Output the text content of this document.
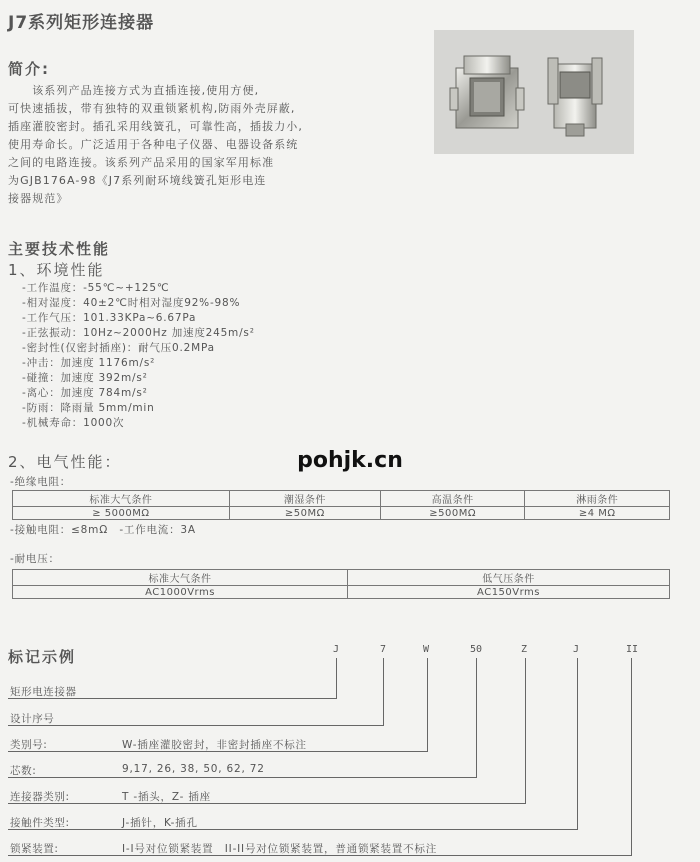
J7系列矩形连接器
简介:

　　该系列产品连接方式为直插连接,使用方便,

可快速插拔，带有独特的双重锁紧机构,防雨外壳屏蔽,

插座灌胶密封。插孔采用线簧孔，可靠性高，插拔力小,

使用寿命长。广泛适用于各种电子仪器、电器设备系统

之间的电路连接。该系列产品采用的国家军用标准

为GJB176A-98《J7系列耐环境线簧孔矩形电连

接器规范》

主要技术性能
1、环境性能
-工作温度：-55℃~+125℃
-相对湿度：40±2℃时相对湿度92%-98%
-工作气压：101.33KPa~6.67Pa
-正弦振动：10Hz~2000Hz 加速度245m/s²
-密封性(仅密封插座)：耐气压0.2MPa
-冲击：加速度 1176m/s²
-碰撞：加速度 392m/s²
-离心：加速度 784m/s²
-防雨：降雨量 5mm/min
-机械寿命：1000次
2、电气性能：	pohjk.cn
-绝缘电阻：
标准大气条件	潮湿条件	高温条件	淋雨条件
≥ 5000MΩ	≥50MΩ	≥500MΩ	≥4 MΩ
-接触电阻：≤8mΩ　-工作电流：3A
-耐电压：
标准大气条件	低气压条件
AC1000Vrms	AC150Vrms
标记示例	J	7	W	50	Z	J	II
矩形电连接器
设计序号
类别号:	W-插座灌胶密封，非密封插座不标注
芯数:	9,17, 26, 38, 50, 62, 72
连接器类别:	T -插头，Z- 插座
接触件类型:	J-插针，K-插孔
锁紧装置:	I-I号对位锁紧装置　II-II号对位锁紧装置，普通锁紧装置不标注
